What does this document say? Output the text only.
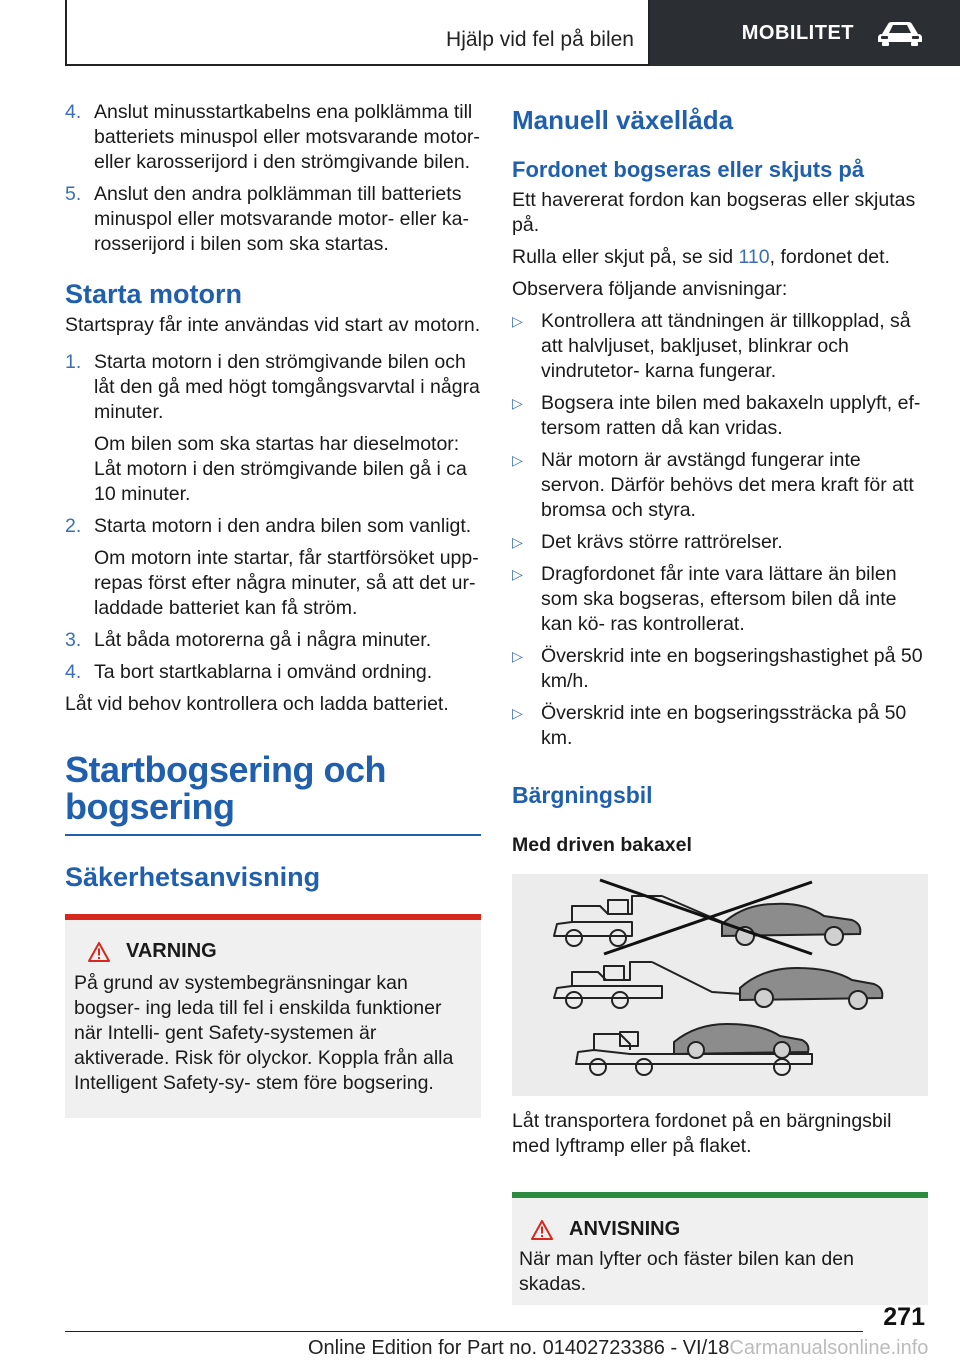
Hjälp vid fel på bilen	MOBILITET
4. Anslut minusstartkabelns ena polklämma till batteriets minuspol eller motsvarande motor- eller karosserijord i den strömgivande bilen.
5. Anslut den andra polklämman till batteriets minuspol eller motsvarande motor- eller ka- rosserijord i bilen som ska startas.
Starta motorn

Startspray får inte användas vid start av motorn.

1. Starta motorn i den strömgivande bilen och låt den gå med högt tomgångsvarvtal i några minuter.
Om bilen som ska startas har dieselmotor: Låt motorn i den strömgivande bilen gå i ca 10 minuter.
2. Starta motorn i den andra bilen som vanligt.
Om motorn inte startar, får startförsöket upp- repas först efter några minuter, så att det ur- laddade batteriet kan få ström.
3. Låt båda motorerna gå i några minuter.
4. Ta bort startkablarna i omvänd ordning.

Låt vid behov kontrollera och ladda batteriet.

Startbogsering och
bogsering
Säkerhetsanvisning
VARNING

På grund av systembegränsningar kan bogser- ing leda till fel i enskilda funktioner när Intelli- gent Safety-systemen är aktiverade. Risk för olyckor. Koppla från alla Intelligent Safety-sy- stem före bogsering.

Manuell växellåda
Fordonet bogseras eller skjuts på

Ett havererat fordon kan bogseras eller skjutas på.

Rulla eller skjut på, se sid 110, fordonet det.

Observera följande anvisningar:

▷ Kontrollera att tändningen är tillkopplad, så att halvljuset, bakljuset, blinkrar och vindrutetor- karna fungerar.
▷ Bogsera inte bilen med bakaxeln upplyft, ef- tersom ratten då kan vridas.
▷ När motorn är avstängd fungerar inte servon. Därför behövs det mera kraft för att bromsa och styra.
▷ Det krävs större rattrörelser.
▷ Dragfordonet får inte vara lättare än bilen som ska bogseras, eftersom bilen då inte kan kö- ras kontrollerat.
▷ Överskrid inte en bogseringshastighet på 50 km/h.
▷ Överskrid inte en bogseringssträcka på 50 km.
Bärgningsbil
Med driven bakaxel

Låt transportera fordonet på en bärgningsbil med lyftramp eller på flaket.

ANVISNING

När man lyfter och fäster bilen kan den skadas.

271
Online Edition for Part no. 01402723386 - VI/18Carmanualsonline.info
